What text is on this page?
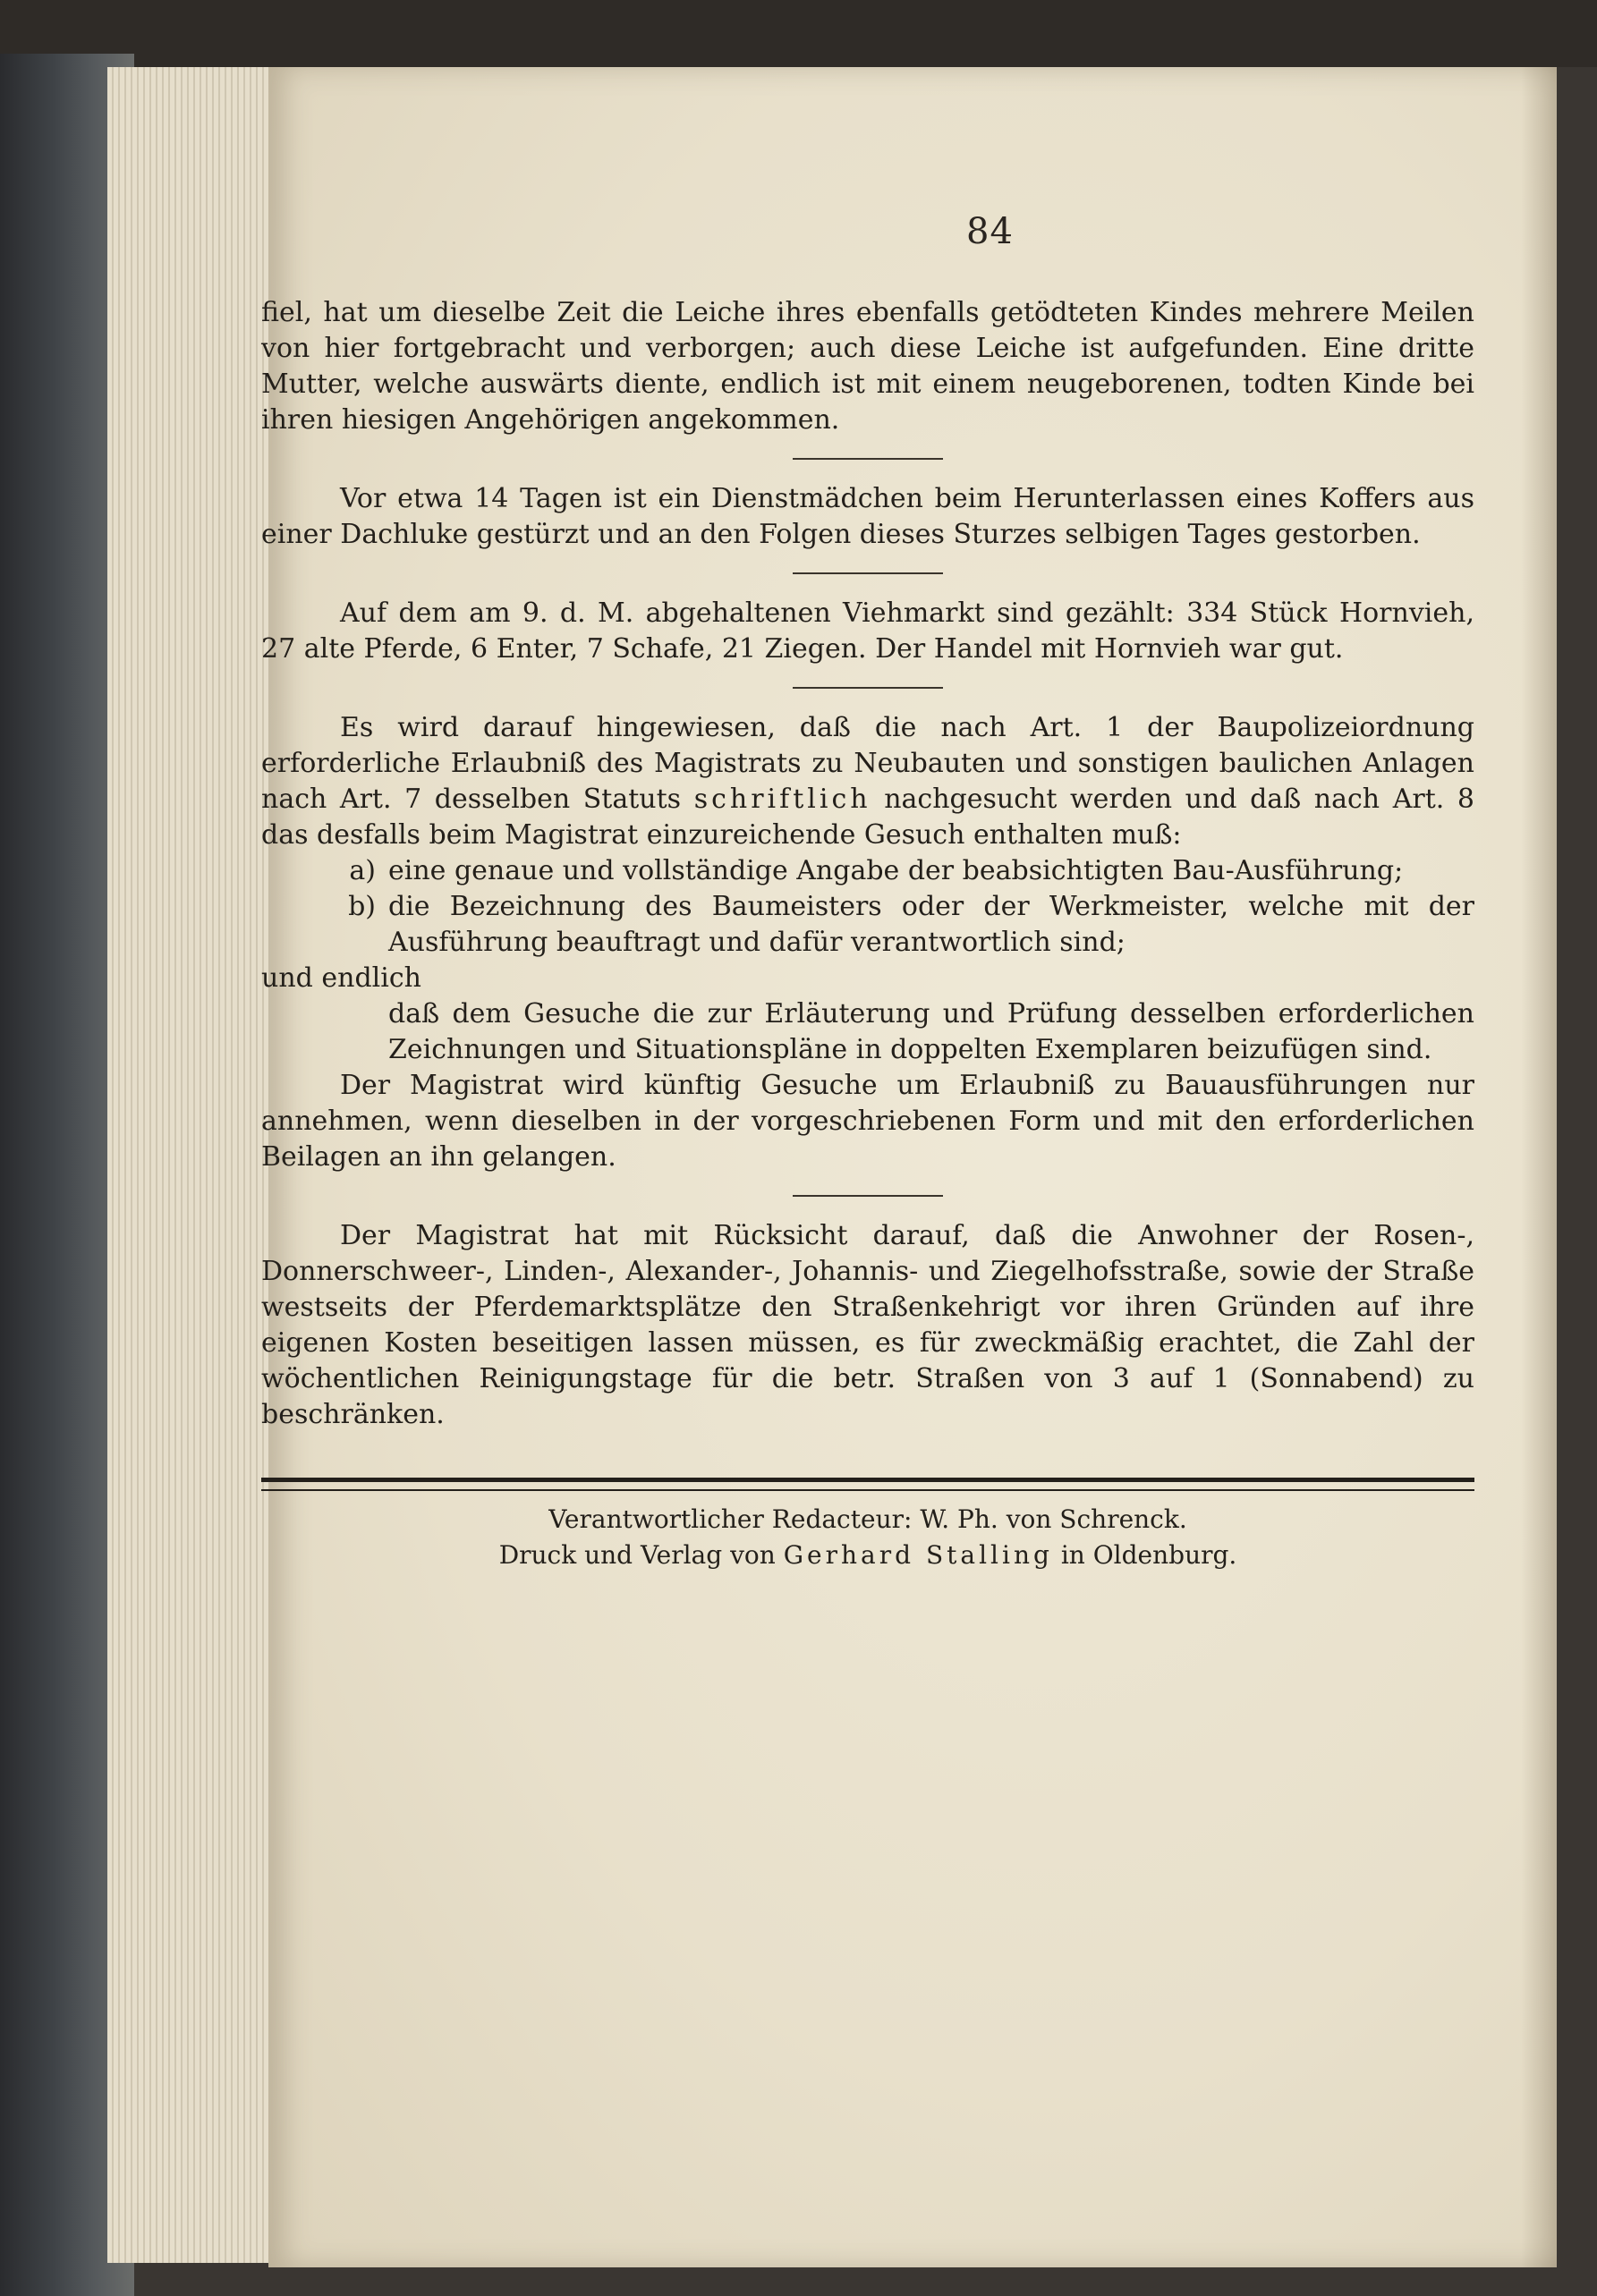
84

fiel, hat um dieselbe Zeit die Leiche ihres ebenfalls getödteten Kindes mehrere Meilen von hier fortgebracht und verborgen; auch diese Leiche ist aufgefunden. Eine dritte Mutter, welche auswärts diente, endlich ist mit einem neugeborenen, todten Kinde bei ihren hiesigen Angehörigen angekommen.

Vor etwa 14 Tagen ist ein Dienstmädchen beim Herunterlassen eines Koffers aus einer Dachluke gestürzt und an den Folgen dieses Sturzes selbigen Tages gestorben.

Auf dem am 9. d. M. abgehaltenen Viehmarkt sind gezählt: 334 Stück Hornvieh, 27 alte Pferde, 6 Enter, 7 Schafe, 21 Ziegen. Der Handel mit Hornvieh war gut.

Es wird darauf hingewiesen, daß die nach Art. 1 der Baupolizeiordnung erforderliche Erlaubniß des Magistrats zu Neubauten und sonstigen baulichen Anlagen nach Art. 7 desselben Statuts schriftlich nachgesucht werden und daß nach Art. 8 das desfalls beim Magistrat einzureichende Gesuch enthalten muß:

a) eine genaue und vollständige Angabe der beabsichtigten Bau-Ausführung;
b) die Bezeichnung des Baumeisters oder der Werkmeister, welche mit der Ausführung beauftragt und dafür verantwortlich sind;

und endlich

daß dem Gesuche die zur Erläuterung und Prüfung desselben erforderlichen Zeichnungen und Situationspläne in doppelten Exemplaren beizufügen sind.

Der Magistrat wird künftig Gesuche um Erlaubniß zu Bauausführungen nur annehmen, wenn dieselben in der vorgeschriebenen Form und mit den erforderlichen Beilagen an ihn gelangen.

Der Magistrat hat mit Rücksicht darauf, daß die Anwohner der Rosen-, Donnerschweer-, Linden-, Alexander-, Johannis- und Ziegelhofsstraße, sowie der Straße westseits der Pferdemarktsplätze den Straßenkehrigt vor ihren Gründen auf ihre eigenen Kosten beseitigen lassen müssen, es für zweckmäßig erachtet, die Zahl der wöchentlichen Reinigungstage für die betr. Straßen von 3 auf 1 (Sonnabend) zu beschränken.

Verantwortlicher Redacteur: W. Ph. von Schrenck.
Druck und Verlag von Gerhard Stalling in Oldenburg.
